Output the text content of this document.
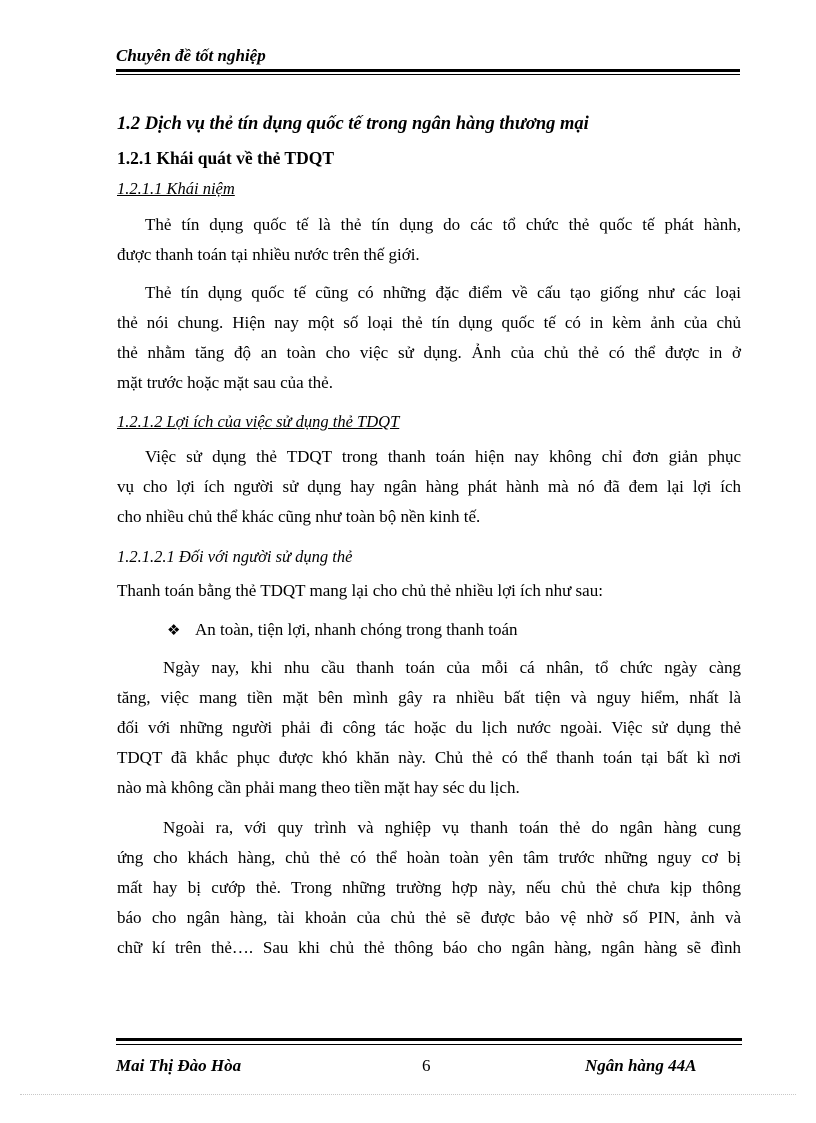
Chuyên đề tốt nghiệp
1.2 Dịch vụ thẻ tín dụng quốc tế trong ngân hàng thương mại
1.2.1 Khái quát về thẻ TDQT
1.2.1.1 Khái niệm

Thẻ tín dụng quốc tế là thẻ tín dụng do các tổ chức thẻ quốc tế phát hành,

được thanh toán tại nhiều nước trên thế giới.

Thẻ tín dụng quốc tế cũng có những đặc điểm về cấu tạo giống như các loại

thẻ nói chung. Hiện nay một số loại thẻ tín dụng quốc tế có in kèm ảnh của chủ

thẻ nhằm tăng độ an toàn cho việc sử dụng. Ảnh của chủ thẻ có thể được in ở

mặt trước hoặc mặt sau của thẻ.

1.2.1.2 Lợi ích của việc sử dụng thẻ TDQT

Việc sử dụng thẻ TDQT trong thanh toán hiện nay không chỉ đơn giản phục

vụ cho lợi ích người sử dụng hay ngân hàng phát hành mà nó đã đem lại lợi ích

cho nhiều chủ thể khác cũng như toàn bộ nền kinh tế.

1.2.1.2.1 Đối với người sử dụng thẻ
Thanh toán bằng thẻ TDQT mang lại cho chủ thẻ nhiều lợi ích như sau:
❖ An toàn, tiện lợi, nhanh chóng trong thanh toán

Ngày nay, khi nhu cầu thanh toán của mỗi cá nhân, tổ chức ngày càng

tăng, việc mang tiền mặt bên mình gây ra nhiều bất tiện và nguy hiểm, nhất là

đối với những người phải đi công tác hoặc du lịch nước ngoài. Việc sử dụng thẻ

TDQT đã khắc phục được khó khăn này. Chủ thẻ có thể thanh toán tại bất kì nơi

nào mà không cần phải mang theo tiền mặt hay séc du lịch.

Ngoài ra, với quy trình và nghiệp vụ thanh toán thẻ do ngân hàng cung

ứng cho khách hàng, chủ thẻ có thể hoàn toàn yên tâm trước những nguy cơ bị

mất hay bị cướp thẻ. Trong những trường hợp này, nếu chủ thẻ chưa kịp thông

báo cho ngân hàng, tài khoản của chủ thẻ sẽ được bảo vệ nhờ số PIN, ảnh và

chữ kí trên thẻ…. Sau khi chủ thẻ thông báo cho ngân hàng, ngân hàng sẽ đình

Mai Thị Đào Hòa	6	Ngân hàng 44A
